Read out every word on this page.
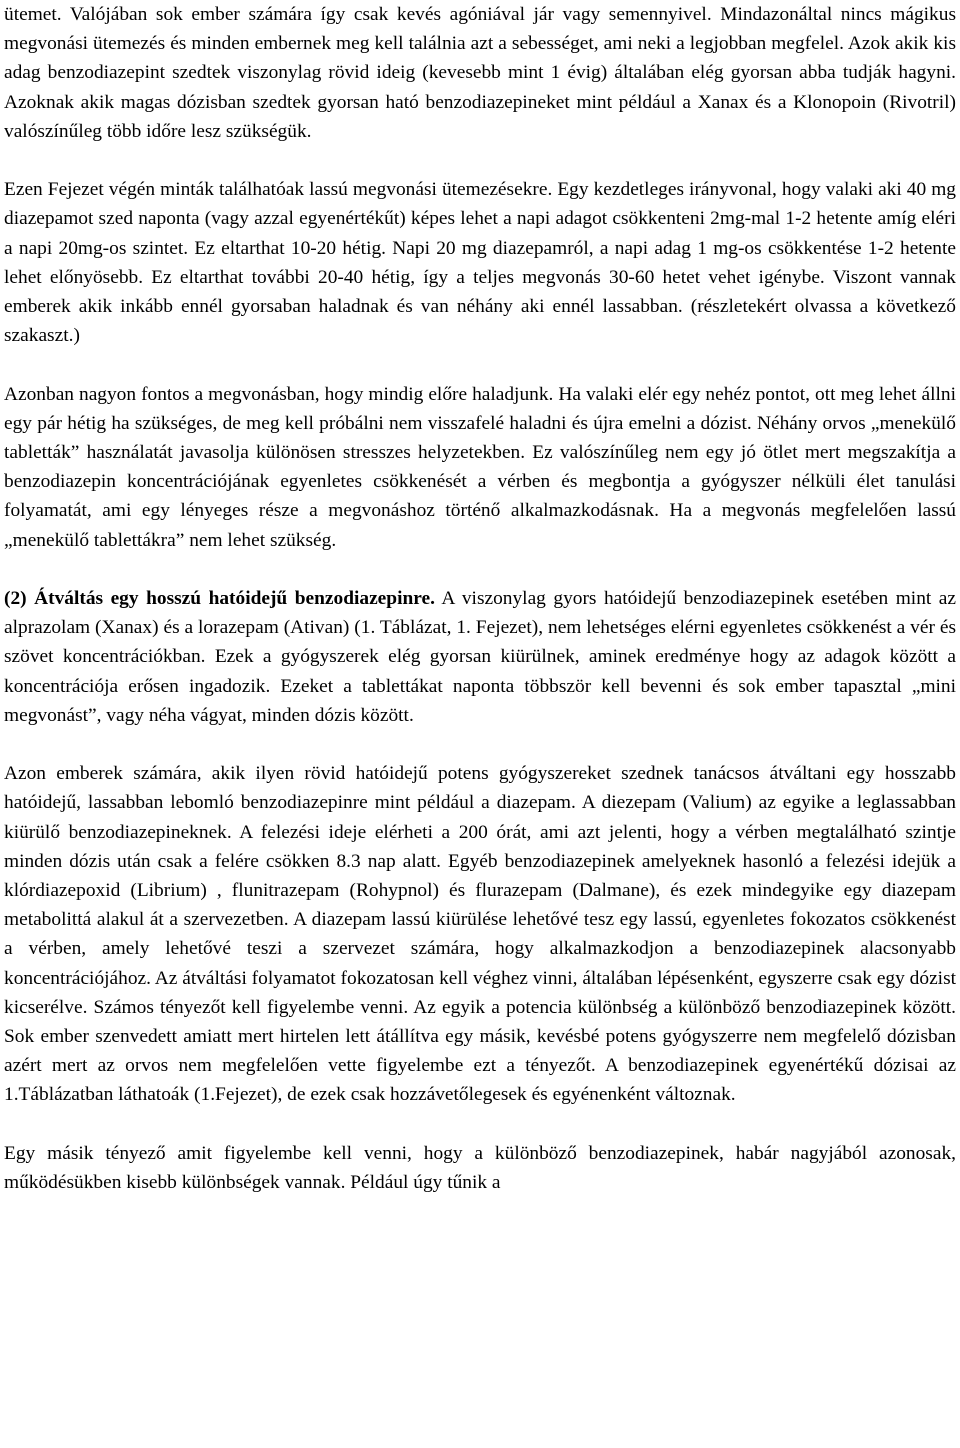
ütemet. Valójában sok ember számára így csak kevés agóniával jár vagy semennyivel. Mindazonáltal nincs mágikus megvonási ütemezés és minden embernek meg kell találnia azt a sebességet, ami neki a legjobban megfelel. Azok akik kis adag benzodiazepint szedtek viszonylag rövid ideig (kevesebb mint 1 évig) általában elég gyorsan abba tudják hagyni. Azoknak akik magas dózisban szedtek gyorsan ható benzodiazepineket mint például a Xanax és a Klonopoin (Rivotril) valószínűleg több időre lesz szükségük.

Ezen Fejezet végén minták találhatóak lassú megvonási ütemezésekre. Egy kezdetleges irányvonal, hogy valaki aki 40 mg diazepamot szed naponta (vagy azzal egyenértékűt) képes lehet a napi adagot csökkenteni 2mg-mal 1-2 hetente amíg eléri a napi 20mg-os szintet. Ez eltarthat 10-20 hétig. Napi 20 mg diazepamról, a napi adag 1 mg-os csökkentése 1-2 hetente lehet előnyösebb. Ez eltarthat további 20-40 hétig, így a teljes megvonás 30-60 hetet vehet igénybe. Viszont vannak emberek akik inkább ennél gyorsaban haladnak és van néhány aki ennél lassabban. (részletekért olvassa a következő szakaszt.)

Azonban nagyon fontos a megvonásban, hogy mindig előre haladjunk. Ha valaki elér egy nehéz pontot, ott meg lehet állni egy pár hétig ha szükséges, de meg kell próbálni nem visszafelé haladni és újra emelni a dózist. Néhány orvos „menekülő tabletták” használatát javasolja különösen stresszes helyzetekben. Ez valószínűleg nem egy jó ötlet mert megszakítja a benzodiazepin koncentrációjának egyenletes csökkenését a vérben és megbontja a gyógyszer nélküli élet tanulási folyamatát, ami egy lényeges része a megvonáshoz történő alkalmazkodásnak. Ha a megvonás megfelelően lassú „menekülő tablettákra” nem lehet szükség.

(2) Átváltás egy hosszú hatóidejű benzodiazepinre. A viszonylag gyors hatóidejű benzodiazepinek esetében mint az alprazolam (Xanax) és a lorazepam (Ativan) (1. Táblázat, 1. Fejezet), nem lehetséges elérni egyenletes csökkenést a vér és szövet koncentrációkban. Ezek a gyógyszerek elég gyorsan kiürülnek, aminek eredménye hogy az adagok között a koncentrációja erősen ingadozik. Ezeket a tablettákat naponta többször kell bevenni és sok ember tapasztal „mini megvonást”, vagy néha vágyat, minden dózis között.

Azon emberek számára, akik ilyen rövid hatóidejű potens gyógyszereket szednek tanácsos átváltani egy hosszabb hatóidejű, lassabban lebomló benzodiazepinre mint például a diazepam. A diezepam (Valium) az egyike a leglassabban kiürülő benzodiazepineknek. A felezési ideje elérheti a 200 órát, ami azt jelenti, hogy a vérben megtalálható szintje minden dózis után csak a felére csökken 8.3 nap alatt. Egyéb benzodiazepinek amelyeknek hasonló a felezési idejük a klórdiazepoxid (Librium) , flunitrazepam (Rohypnol) és flurazepam (Dalmane), és ezek mindegyike egy diazepam metabolittá alakul át a szervezetben. A diazepam lassú kiürülése lehetővé tesz egy lassú, egyenletes fokozatos csökkenést a vérben, amely lehetővé teszi a szervezet számára, hogy alkalmazkodjon a benzodiazepinek alacsonyabb koncentrációjához. Az átváltási folyamatot fokozatosan kell véghez vinni, általában lépésenként, egyszerre csak egy dózist kicserélve. Számos tényezőt kell figyelembe venni. Az egyik a potencia különbség a különböző benzodiazepinek között. Sok ember szenvedett amiatt mert hirtelen lett átállítva egy másik, kevésbé potens gyógyszerre nem megfelelő dózisban azért mert az orvos nem megfelelően vette figyelembe ezt a tényezőt. A benzodiazepinek egyenértékű dózisai az 1.Táblázatban láthatoák (1.Fejezet), de ezek csak hozzávetőlegesek és egyénenként változnak.

Egy másik tényező amit figyelembe kell venni, hogy a különböző benzodiazepinek, habár nagyjából azonosak, működésükben kisebb különbségek vannak. Például úgy tűnik a
